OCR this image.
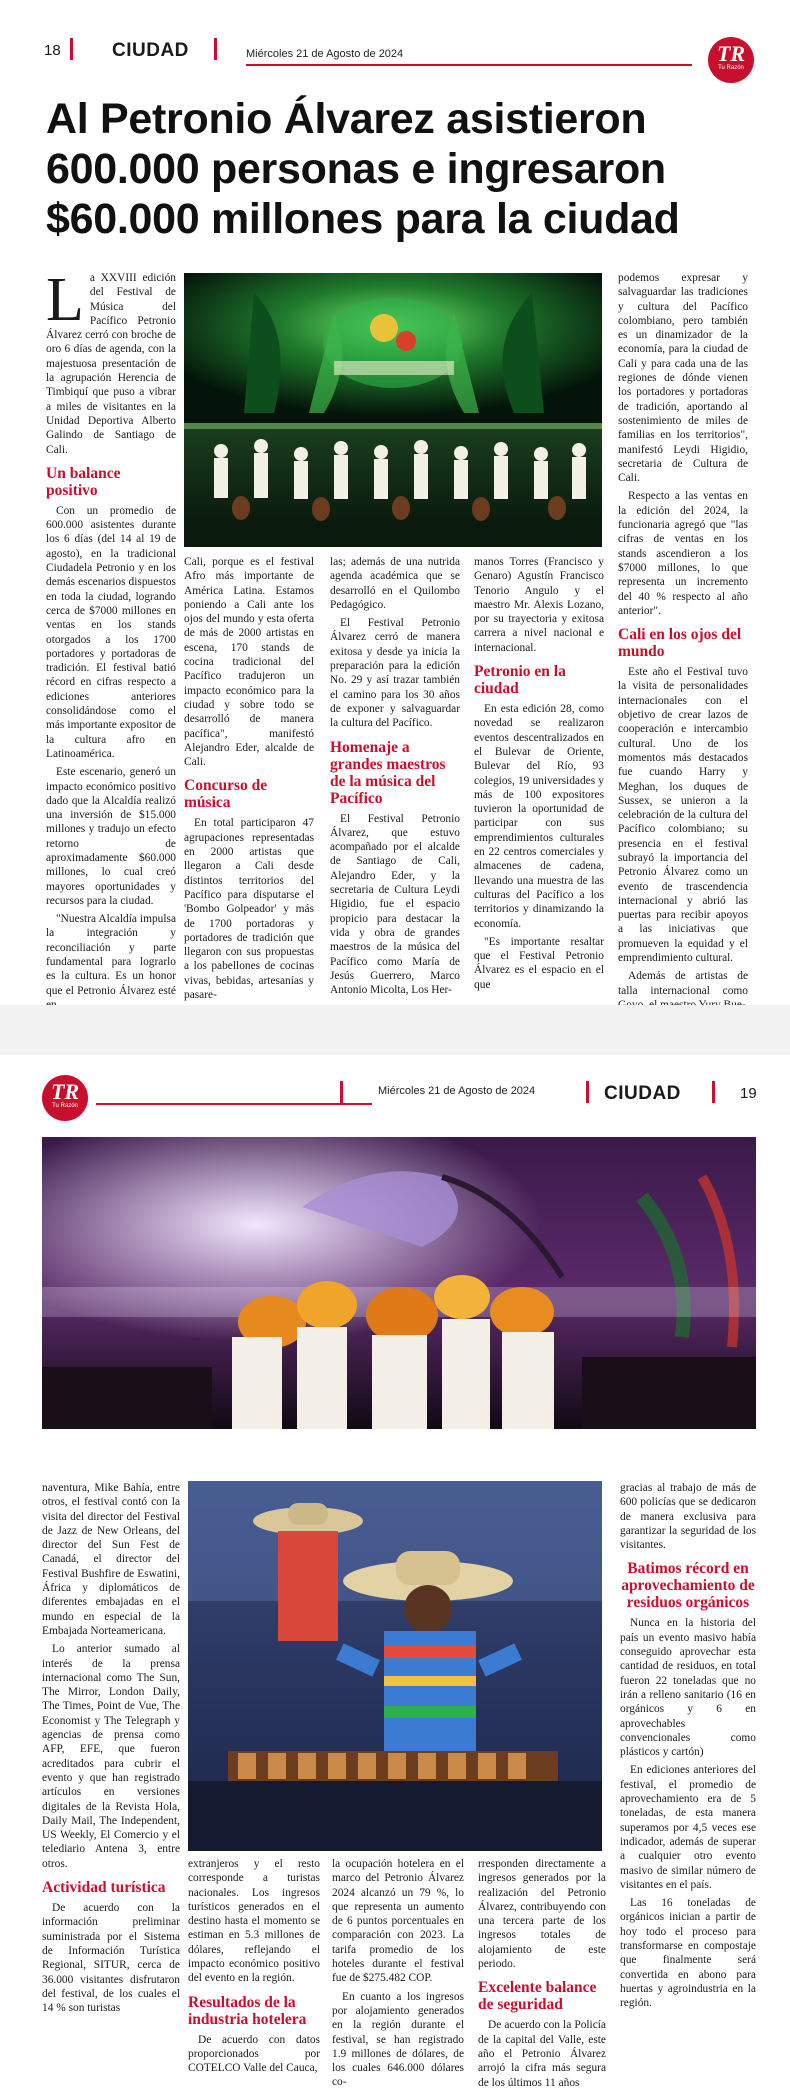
18	CIUDAD	Miércoles 21 de Agosto de 2024	TR
Tu Razón
Al Petronio Álvarez asistieron 600.000 personas e ingresaron $60.000 millones para la ciudad

La XXVIII edición del Festival de Música del Pacífico Petronio Álvarez cerró con broche de oro 6 días de agenda, con la majestuosa presentación de la agrupación Herencia de Timbiquí que puso a vibrar a miles de visitantes en la Unidad Deportiva Alberto Galindo de Santiago de Cali.

Un balance positivo

Con un promedio de 600.000 asistentes durante los 6 días (del 14 al 19 de agosto), en la tradicional Ciudadela Petronio y en los demás escenarios dispuestos en toda la ciudad, logrando cerca de $7000 millones en ventas en los stands otorgados a los 1700 portadores y portadoras de tradición. El festival batió récord en cifras respecto a ediciones anteriores consolidándose como el más importante expositor de la cultura afro en Latinoamérica.

Este escenario, generó un impacto económico positivo dado que la Alcaldía realizó una inversión de $15.000 millones y tradujo un efecto retorno de aproximadamente $60.000 millones, lo cual creó mayores oportunidades y recursos para la ciudad.

"Nuestra Alcaldía impulsa la integración y reconciliación y parte fundamental para lograrlo es la cultura. Es un honor que el Petronio Álvarez esté

Cali, porque es el festival Afro más importante de América Latina. Estamos poniendo a Cali ante los ojos del mundo y esta oferta de más de 2000 artistas en escena, 170 stands de cocina tradicional del Pacífico tradujeron un impacto económico para la ciudad y sobre todo se desarrolló de manera pacífica", manifestó Alejandro Eder, alcalde de Cali.

Concurso de música

En total participaron 47 agrupaciones representadas en 2000 artistas que llegaron a Cali desde distintos territorios del Pacífico para disputarse el 'Bombo Golpeador' y más de 1700 portadoras y portadores de tradición que llegaron con sus propuestas a los pabellones de cocinas vivas, bebidas, artesanías y pasare-

las; además de una nutrida agenda académica que se desarrolló en el Quilombo Pedagógico.

El Festival Petronio Álvarez cerró de manera exitosa y desde ya inicia la preparación para la edición No. 29 y así trazar también el camino para los 30 años de exponer y salvaguardar la cultura del Pacífico.

Homenaje a grandes maestros de la música del Pacífico

El Festival Petronio Álvarez, que estuvo acompañado por el alcalde de Santiago de Cali, Alejandro Eder, y la secretaria de Cultura Leydi Higidio, fue el espacio propicio para destacar la vida y obra de grandes maestros de la música del Pacífico como María de Jesús Guerrero, Marco Antonio Micolta, Los Her-

manos Torres (Francisco y Genaro) Agustín Francisco Tenorio Angulo y el maestro Mr. Alexis Lozano, por su trayectoria y exitosa carrera a nivel nacional e internacional.

Petronio en la ciudad

En esta edición 28, como novedad se realizaron eventos descentralizados en el Bulevar de Oriente, Bulevar del Río, 93 colegios, 19 universidades y más de 100 expositores tuvieron la oportunidad de participar con sus emprendimientos culturales en 22 centros comerciales y almacenes de cadena, llevando una muestra de las culturas del Pacífico a los territorios y dinamizando la economía.

"Es importante resaltar que el Festival Petronio Álvarez es el espacio en el que

podemos expresar y salvaguardar las tradiciones y cultura del Pacífico colombiano, pero también es un dinamizador de la economía, para la ciudad de Cali y para cada una de las regiones de dónde vienen los portadores y portadoras de tradición, aportando al sostenimiento de miles de familias en los territorios", manifestó Leydi Higidio, secretaria de Cultura de Cali.

Respecto a las ventas en la edición del 2024, la funcionaria agregó que "las cifras de ventas en los stands ascendieron a los $7000 millones, lo que representa un incremento del 40 % respecto al año anterior".

Cali en los ojos del mundo

Este año el Festival tuvo la visita de personalidades internacionales con el objetivo de crear lazos de cooperación e intercambio cultural. Uno de los momentos más destacados fue cuando Harry y Meghan, los duques de Sussex, se unieron a la celebración de la cultura del Pacífico colombiano; su presencia en el festival subrayó la importancia del Petronio Álvarez como un evento de trascendencia internacional y abrió las puertas para recibir apoyos a las iniciativas que promueven la equidad y el emprendimiento cultural.

Además de artistas de talla internacional como

TR
Tu Razón
Miércoles 21 de Agosto de 2024	CIUDAD	19

naventura, Mike Bahía, entre otros, el festival contó con la visita del director del Festival de Jazz de New Orleans, del director del Sun Fest de Canadá, el director del Festival Bushfire de Eswatini, África y diplomáticos de diferentes embajadas en el mundo en especial de la Embajada Norteamericana.

Lo anterior sumado al interés de la prensa internacional como The Sun, The Mirror, London Daily, The Times, Point de Vue, The Economist y The Telegraph y agencias de prensa como AFP, EFE, que fueron acreditados para cubrir el evento y que han registrado artículos en versiones digitales de la Revista Hola, Daily Mail, The Independent, US Weekly, El Comercio y el telediario Antena 3, entre otros.

Actividad turística

De acuerdo con la información preliminar suministrada por el Sistema de Información Turística Regional, SITUR, cerca de 36.000 visitantes disfrutaron del festival, de los cuales el 14 % son turistas

extranjeros y el resto corresponde a turistas nacionales. Los ingresos turísticos generados en el destino hasta el momento se estiman en 5.3 millones de dólares, reflejando el impacto económico positivo del evento en la región.

Resultados de la industria hotelera

De acuerdo con datos proporcionados por COTELCO Valle del Cauca,

la ocupación hotelera en el marco del Petronio Álvarez 2024 alcanzó un 79 %, lo que representa un aumento de 6 puntos porcentuales en comparación con 2023. La tarifa promedio de los hoteles durante el festival fue de $275.482 COP.

En cuanto a los ingresos por alojamiento generados en la región durante el festival, se han registrado 1.9 millones de dólares, de los cuales 646.000 dólares co-

rresponden directamente a ingresos generados por la realización del Petronio Álvarez, contribuyendo con una tercera parte de los ingresos totales de alojamiento de este periodo.

Excelente balance de seguridad

De acuerdo con la Policía de la capital del Valle, este año el Petronio Álvarez arrojó la cifra más segura de los últimos 11 años

gracias al trabajo de más de 600 policías que se dedicaron de manera exclusiva para garantizar la seguridad de los visitantes.

Batimos récord en aprovechamiento de residuos orgánicos

Nunca en la historia del país un evento masivo había conseguido aprovechar esta cantidad de residuos, en total fueron 22 toneladas que no irán a relleno sanitario (16 en orgánicos y 6 en aprovechables convencionales como plásticos y cartón)

En ediciones anteriores del festival, el promedio de aprovechamiento era de 5 toneladas, de esta manera superamos por 4,5 veces ese indicador, además de superar a cualquier otro evento masivo de similar número de visitantes en el país.

Las 16 toneladas de orgánicos inician a partir de hoy todo el proceso para transformarse en compostaje que finalmente será convertida en abono para huertas y agroindustria en la región.
